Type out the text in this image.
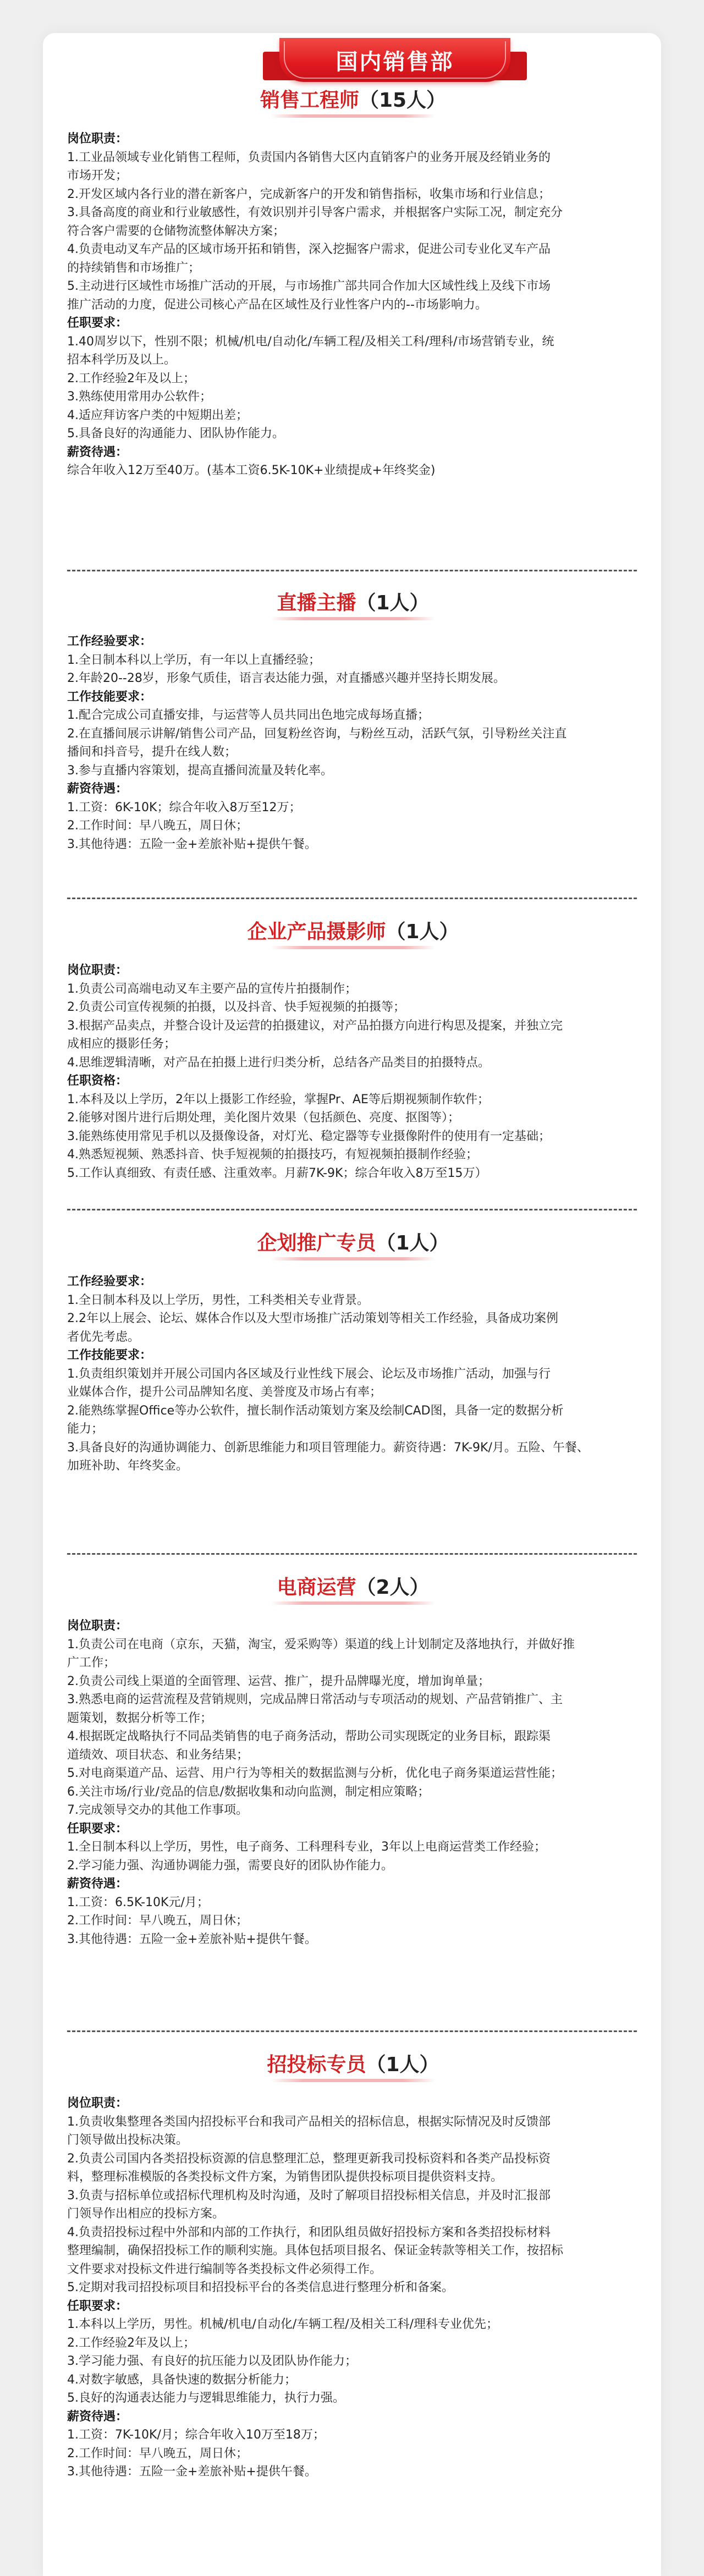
国内销售部
销售工程师（15人）
岗位职责：
1.工业品领域专业化销售工程师，负责国内各销售大区内直销客户的业务开展及经销业务的
市场开发；
2.开发区域内各行业的潜在新客户，完成新客户的开发和销售指标，收集市场和行业信息；
3.具备高度的商业和行业敏感性，有效识别并引导客户需求，并根据客户实际工况，制定充分
符合客户需要的仓储物流整体解决方案；
4.负责电动叉车产品的区域市场开拓和销售，深入挖掘客户需求，促进公司专业化叉车产品
的持续销售和市场推广；
5.主动进行区域性市场推广活动的开展，与市场推广部共同合作加大区域性线上及线下市场
推广活动的力度，促进公司核心产品在区域性及行业性客户内的--市场影响力。
任职要求：
1.40周岁以下，性别不限；机械/机电/自动化/车辆工程/及相关工科/理科/市场营销专业，统
招本科学历及以上。
2.工作经验2年及以上；
3.熟练使用常用办公软件；
4.适应拜访客户类的中短期出差；
5.具备良好的沟通能力、团队协作能力。
薪资待遇：
综合年收入12万至40万。(基本工资6.5K-10K+业绩提成+年终奖金)
直播主播（1人）
工作经验要求：
1.全日制本科以上学历，有一年以上直播经验；
2.年龄20--28岁，形象气质佳，语言表达能力强，对直播感兴趣并坚持长期发展。
工作技能要求：
1.配合完成公司直播安排，与运营等人员共同出色地完成每场直播；
2.在直播间展示讲解/销售公司产品，回复粉丝咨询，与粉丝互动，活跃气氛，引导粉丝关注直
播间和抖音号，提升在线人数；
3.参与直播内容策划，提高直播间流量及转化率。
薪资待遇：
1.工资：6K-10K；综合年收入8万至12万；
2.工作时间：早八晚五，周日休；
3.其他待遇：五险一金+差旅补贴+提供午餐。
企业产品摄影师（1人）
岗位职责：
1.负责公司高端电动叉车主要产品的宣传片拍摄制作；
2.负责公司宣传视频的拍摄，以及抖音、快手短视频的拍摄等；
3.根据产品卖点，并整合设计及运营的拍摄建议，对产品拍摄方向进行构思及提案，并独立完
成相应的摄影任务；
4.思维逻辑清晰，对产品在拍摄上进行归类分析，总结各产品类目的拍摄特点。
任职资格：
1.本科及以上学历，2年以上摄影工作经验，掌握Pr、AE等后期视频制作软件；
2.能够对图片进行后期处理，美化图片效果（包括颜色、亮度、抠图等）；
3.能熟练使用常见手机以及摄像设备，对灯光、稳定器等专业摄像附件的使用有一定基础；
4.熟悉短视频、熟悉抖音、快手短视频的拍摄技巧，有短视频拍摄制作经验；
5.工作认真细致、有责任感、注重效率。月薪7K-9K；综合年收入8万至15万）
企划推广专员（1人）
工作经验要求：
1.全日制本科及以上学历，男性，工科类相关专业背景。
2.2年以上展会、论坛、媒体合作以及大型市场推广活动策划等相关工作经验，具备成功案例
者优先考虑。
工作技能要求：
1.负责组织策划并开展公司国内各区域及行业性线下展会、论坛及市场推广活动，加强与行
业媒体合作，提升公司品牌知名度、美誉度及市场占有率；
2.能熟练掌握Office等办公软件，擅长制作活动策划方案及绘制CAD图，具备一定的数据分析
能力；
3.具备良好的沟通协调能力、创新思维能力和项目管理能力。薪资待遇：7K-9K/月。五险、午餐、
加班补助、年终奖金。
电商运营（2人）
岗位职责：
1.负责公司在电商（京东，天猫，淘宝，爱采购等）渠道的线上计划制定及落地执行，并做好推
广工作；
2.负责公司线上渠道的全面管理、运营、推广，提升品牌曝光度，增加询单量；
3.熟悉电商的运营流程及营销规则，完成品牌日常活动与专项活动的规划、产品营销推广、主
题策划，数据分析等工作；
4.根据既定战略执行不同品类销售的电子商务活动，帮助公司实现既定的业务目标，跟踪渠
道绩效、项目状态、和业务结果；
5.对电商渠道产品、运营、用户行为等相关的数据监测与分析，优化电子商务渠道运营性能；
6.关注市场/行业/竞品的信息/数据收集和动向监测，制定相应策略；
7.完成领导交办的其他工作事项。
任职要求：
1.全日制本科以上学历，男性，电子商务、工科理科专业，3年以上电商运营类工作经验；
2.学习能力强、沟通协调能力强，需要良好的团队协作能力。
薪资待遇：
1.工资：6.5K-10K元/月；
2.工作时间：早八晚五，周日休；
3.其他待遇：五险一金+差旅补贴+提供午餐。
招投标专员（1人）
岗位职责：
1.负责收集整理各类国内招投标平台和我司产品相关的招标信息，根据实际情况及时反馈部
门领导做出投标决策。
2.负责公司国内各类招投标资源的信息整理汇总，整理更新我司投标资料和各类产品投标资
料，整理标准模版的各类投标文件方案，为销售团队提供投标项目提供资料支持。
3.负责与招标单位或招标代理机构及时沟通，及时了解项目招投标相关信息，并及时汇报部
门领导作出相应的投标方案。
4.负责招投标过程中外部和内部的工作执行，和团队组员做好招投标方案和各类招投标材料
整理编制，确保招投标工作的顺利实施。具体包括项目报名、保证金转款等相关工作，按招标
文件要求对投标文件进行编制等各类投标文件必须得工作。
5.定期对我司招投标项目和招投标平台的各类信息进行整理分析和备案。
任职要求：
1.本科以上学历，男性。机械/机电/自动化/车辆工程/及相关工科/理科专业优先；
2.工作经验2年及以上；
3.学习能力强、有良好的抗压能力以及团队协作能力；
4.对数字敏感，具备快速的数据分析能力；
5.良好的沟通表达能力与逻辑思维能力，执行力强。
薪资待遇：
1.工资：7K-10K/月；综合年收入10万至18万；
2.工作时间：早八晚五，周日休；
3.其他待遇：五险一金+差旅补贴+提供午餐。
